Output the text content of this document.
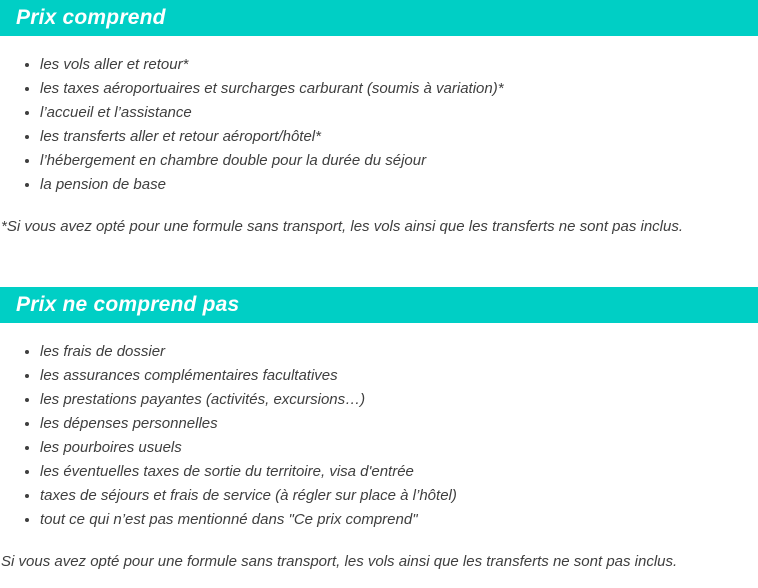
Prix comprend
• les vols aller et retour*
• les taxes aéroportuaires et surcharges carburant (soumis à variation)*
• l’accueil et l’assistance
• les transferts aller et retour aéroport/hôtel*
• l’hébergement en chambre double pour la durée du séjour
• la pension de base

*Si vous avez opté pour une formule sans transport, les vols ainsi que les transferts ne sont pas inclus.

Prix ne comprend pas
• les frais de dossier
• les assurances complémentaires facultatives
• les prestations payantes (activités, excursions…)
• les dépenses personnelles
• les pourboires usuels
• les éventuelles taxes de sortie du territoire, visa d'entrée
• taxes de séjours et frais de service (à régler sur place à l’hôtel)
• tout ce qui n’est pas mentionné dans "Ce prix comprend"

Si vous avez opté pour une formule sans transport, les vols ainsi que les transferts ne sont pas inclus.
